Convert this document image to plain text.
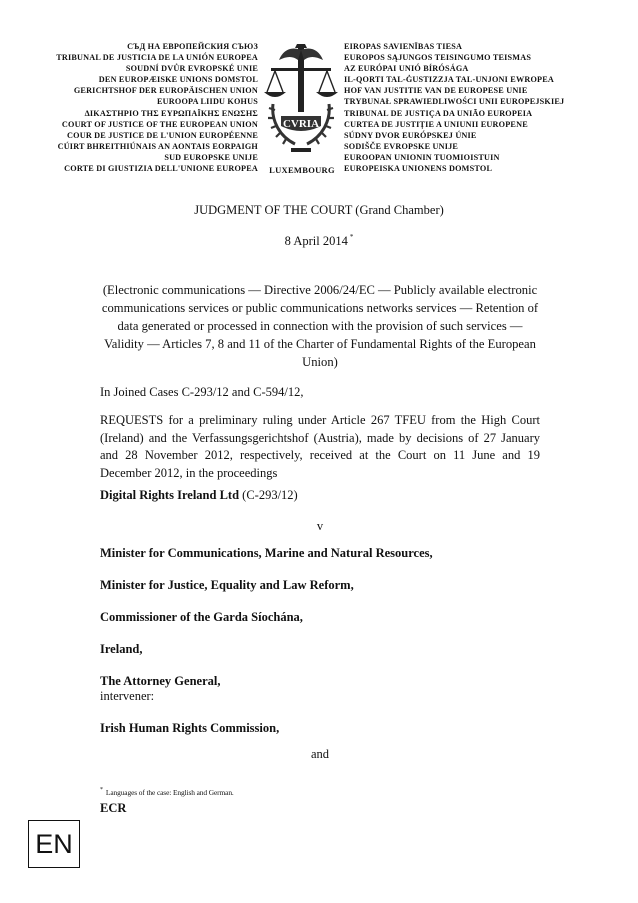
СЪД НА ЕВРОПЕЙСКИЯ СЪЮЗ
TRIBUNAL DE JUSTICIA DE LA UNIÓN EUROPEA
SOUDNÍ DVŮR EVROPSKÉ UNIE
DEN EUROPÆISKE UNIONS DOMSTOL
GERICHTSHOF DER EUROPÄISCHEN UNION
EUROOPA LIIDU KOHUS
ΔΙΚΑΣΤΗΡΙΟ ΤΗΣ ΕΥΡΩΠΑΪΚΗΣ ΕΝΩΣΗΣ
COURT OF JUSTICE OF THE EUROPEAN UNION
COUR DE JUSTICE DE L'UNION EUROPÉENNE
CÚIRT BHREITHIÚNAIS AN AONTAIS EORPAIGH
SUD EUROPSKE UNIJE
CORTE DI GIUSTIZIA DELL'UNIONE EUROPEA
CVRIA
LUXEMBOURG
EIROPAS SAVIENĪBAS TIESA
EUROPOS SĄJUNGOS TEISINGUMO TEISMAS
AZ EURÓPAI UNIÓ BÍRÓSÁGA
IL-QORTI TAL-ĠUSTIZZJA TAL-UNJONI EWROPEA
HOF VAN JUSTITIE VAN DE EUROPESE UNIE
TRYBUNAŁ SPRAWIEDLIWOŚCI UNII EUROPEJSKIEJ
TRIBUNAL DE JUSTIÇA DA UNIÃO EUROPEIA
CURTEA DE JUSTIȚIE A UNIUNII EUROPENE
SÚDNY DVOR EURÓPSKEJ ÚNIE
SODIŠČE EVROPSKE UNIJE
EUROOPAN UNIONIN TUOMIOISTUIN
EUROPEISKA UNIONENS DOMSTOL
JUDGMENT OF THE COURT (Grand Chamber)
8 April 2014 *
(Electronic communications — Directive 2006/24/EC — Publicly available electronic communications services or public communications networks services — Retention of data generated or processed in connection with the provision of such services — Validity — Articles 7, 8 and 11 of the Charter of Fundamental Rights of the European Union)
In Joined Cases C‑293/12 and C‑594/12,
REQUESTS for a preliminary ruling under Article 267 TFEU from the High Court (Ireland) and the Verfassungsgerichtshof (Austria), made by decisions of 27 January and 28 November 2012, respectively, received at the Court on 11 June and 19 December 2012, in the proceedings
Digital Rights Ireland Ltd (C‑293/12)
v
Minister for Communications, Marine and Natural Resources,
Minister for Justice, Equality and Law Reform,
Commissioner of the Garda Síochána,
Ireland,
The Attorney General,
intervener:
Irish Human Rights Commission,
and
* Languages of the case: English and German.
ECR
EN
